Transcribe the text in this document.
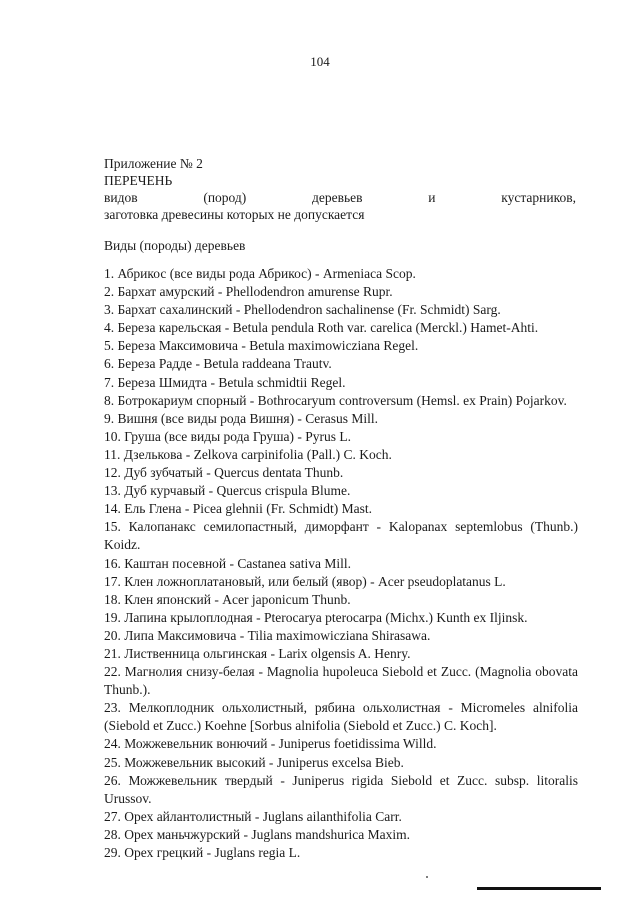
104
Приложение № 2
ПЕРЕЧЕНЬ
видов (пород) деревьев и кустарников,
заготовка древесины которых не допускается
Виды (породы) деревьев
1. Абрикос (все виды рода Абрикос) - Armeniaca Scop.
2. Бархат амурский - Phellodendron amurense Rupr.
3. Бархат сахалинский - Phellodendron sachalinense (Fr. Schmidt) Sarg.
4. Береза карельская - Betula pendula Roth var. carelica (Merckl.) Hamet-Ahti.
5. Береза Максимовича - Betula maximowicziana Regel.
6. Береза Радде - Betula raddeana Trautv.
7. Береза Шмидта - Betula schmidtii Regel.
8. Ботрокариум спорный - Bothrocaryum controversum (Hemsl. ex Prain) Pojarkov.
9. Вишня (все виды рода Вишня) - Cerasus Mill.
10. Груша (все виды рода Груша) - Pyrus L.
11. Дзелькова - Zelkova carpinifolia (Pall.) C. Koch.
12. Дуб зубчатый - Quercus dentata Thunb.
13. Дуб курчавый - Quercus crispula Blume.
14. Ель Глена - Picea glehnii (Fr. Schmidt) Mast.
15. Калопанакс семилопастный, диморфант - Kalopanax septemlobus (Thunb.) Koidz.
16. Каштан посевной - Castanea sativa Mill.
17. Клен ложноплатановый, или белый (явор) - Acer pseudoplatanus L.
18. Клен японский - Acer japonicum Thunb.
19. Лапина крылоплодная - Pterocarya pterocarpa (Michx.) Kunth ex Iljinsk.
20. Липа Максимовича - Tilia maximowicziana Shirasawa.
21. Лиственница ольгинская - Larix olgensis A. Henry.
22. Магнолия снизу-белая - Magnolia hupoleuca Siebold et Zucc. (Magnolia obovata Thunb.).
23. Мелкоплодник ольхолистный, рябина ольхолистная - Micromeles alnifolia (Siebold et Zucc.) Koehne [Sorbus alnifolia (Siebold et Zucc.) C. Koch].
24. Можжевельник вонючий - Juniperus foetidissima Willd.
25. Можжевельник высокий - Juniperus excelsa Bieb.
26. Можжевельник твердый - Juniperus rigida Siebold et Zucc. subsp. litoralis Urussov.
27. Орех айлантолистный - Juglans ailanthifolia Carr.
28. Орех маньчжурский - Juglans mandshurica Maxim.
29. Орех грецкий - Juglans regia L.
